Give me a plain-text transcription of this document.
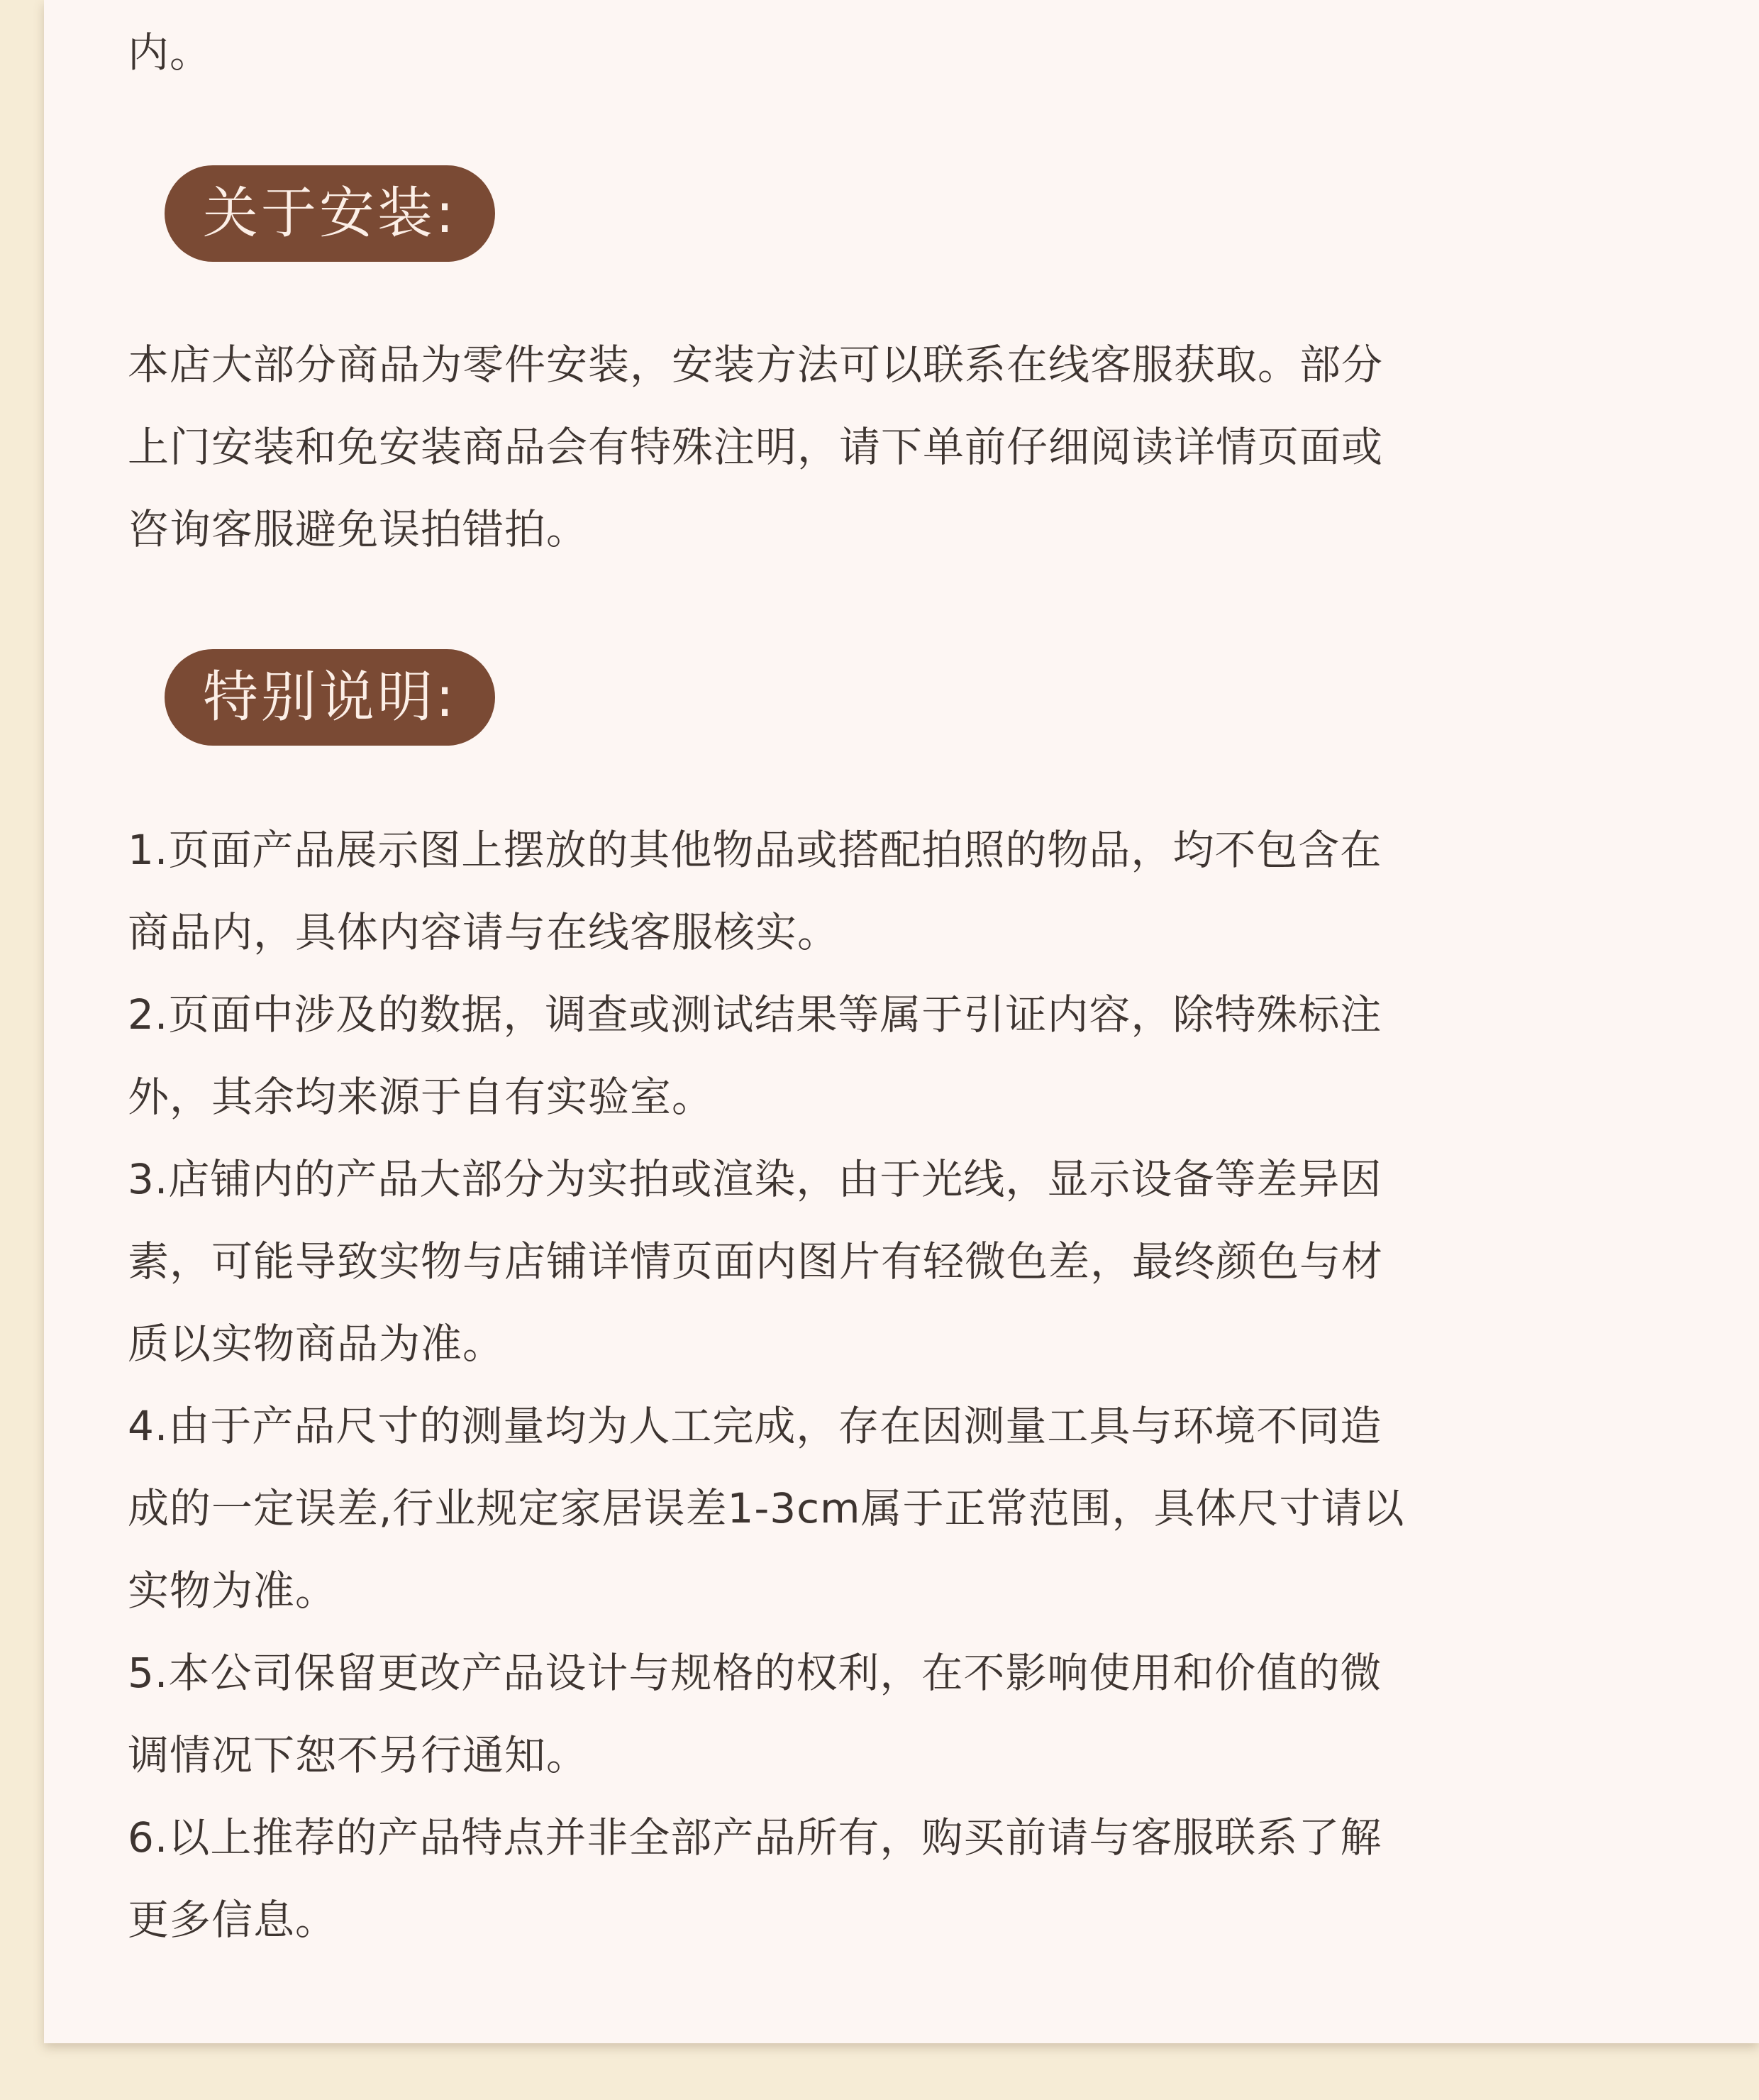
内。

关于安装:

本店大部分商品为零件安装，安装方法可以联系在线客服获取。部分
上门安装和免安装商品会有特殊注明，请下单前仔细阅读详情页面或
咨询客服避免误拍错拍。

特别说明:
1.页面产品展示图上摆放的其他物品或搭配拍照的物品，均不包含在
商品内，具体内容请与在线客服核实。
2.页面中涉及的数据，调查或测试结果等属于引证内容，除特殊标注
外，其余均来源于自有实验室。
3.店铺内的产品大部分为实拍或渲染，由于光线，显示设备等差异因
素，可能导致实物与店铺详情页面内图片有轻微色差，最终颜色与材
质以实物商品为准。
4.由于产品尺寸的测量均为人工完成，存在因测量工具与环境不同造
成的一定误差,行业规定家居误差1-3cm属于正常范围，具体尺寸请以
实物为准。
5.本公司保留更改产品设计与规格的权利，在不影响使用和价值的微
调情况下恕不另行通知。
6.以上推荐的产品特点并非全部产品所有，购买前请与客服联系了解
更多信息。
